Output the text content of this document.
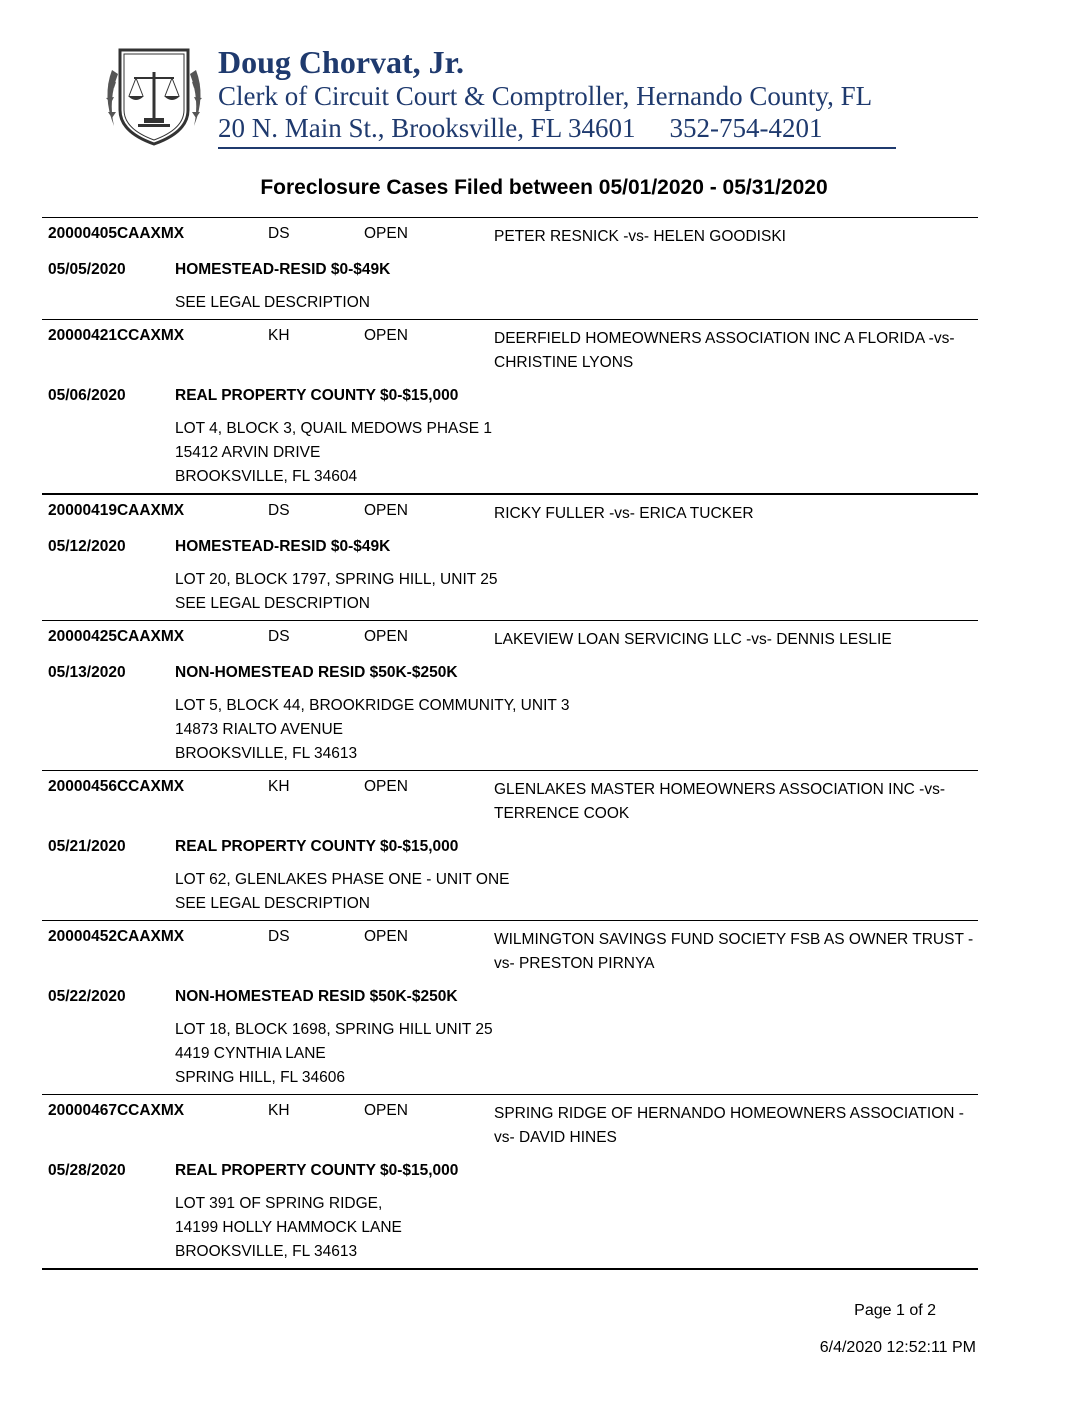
Doug Chorvat, Jr.
Clerk of Circuit Court & Comptroller, Hernando County, FL
20 N. Main St., Brooksville, FL 34601 352-754-4201
Foreclosure Cases Filed between 05/01/2020 - 05/31/2020
20000405CAAXMX	DS	OPEN	PETER RESNICK -vs- HELEN GOODISKI
05/05/2020	HOMESTEAD-RESID $0-$49K
SEE LEGAL DESCRIPTION
20000421CCAXMX	KH	OPEN	DEERFIELD HOMEOWNERS ASSOCIATION INC A FLORIDA -vs- CHRISTINE LYONS
05/06/2020	REAL PROPERTY COUNTY $0-$15,000
LOT 4, BLOCK 3, QUAIL MEDOWS PHASE 1
15412 ARVIN DRIVE
BROOKSVILLE, FL 34604
20000419CAAXMX	DS	OPEN	RICKY FULLER -vs- ERICA TUCKER
05/12/2020	HOMESTEAD-RESID $0-$49K
LOT 20, BLOCK 1797, SPRING HILL, UNIT 25
SEE LEGAL DESCRIPTION
20000425CAAXMX	DS	OPEN	LAKEVIEW LOAN SERVICING LLC -vs- DENNIS LESLIE
05/13/2020	NON-HOMESTEAD RESID $50K-$250K
LOT 5, BLOCK 44, BROOKRIDGE COMMUNITY, UNIT 3
14873 RIALTO AVENUE
BROOKSVILLE, FL 34613
20000456CCAXMX	KH	OPEN	GLENLAKES MASTER HOMEOWNERS ASSOCIATION INC -vs- TERRENCE COOK
05/21/2020	REAL PROPERTY COUNTY $0-$15,000
LOT 62, GLENLAKES PHASE ONE - UNIT ONE
SEE LEGAL DESCRIPTION
20000452CAAXMX	DS	OPEN	WILMINGTON SAVINGS FUND SOCIETY FSB AS OWNER TRUST -vs- PRESTON PIRNYA
05/22/2020	NON-HOMESTEAD RESID $50K-$250K
LOT 18, BLOCK 1698, SPRING HILL UNIT 25
4419 CYNTHIA LANE
SPRING HILL, FL 34606
20000467CCAXMX	KH	OPEN	SPRING RIDGE OF HERNANDO HOMEOWNERS ASSOCIATION -vs- DAVID HINES
05/28/2020	REAL PROPERTY COUNTY $0-$15,000
LOT 391 OF SPRING RIDGE,
14199 HOLLY HAMMOCK LANE
BROOKSVILLE, FL 34613
Page 1 of 2
6/4/2020 12:52:11 PM
